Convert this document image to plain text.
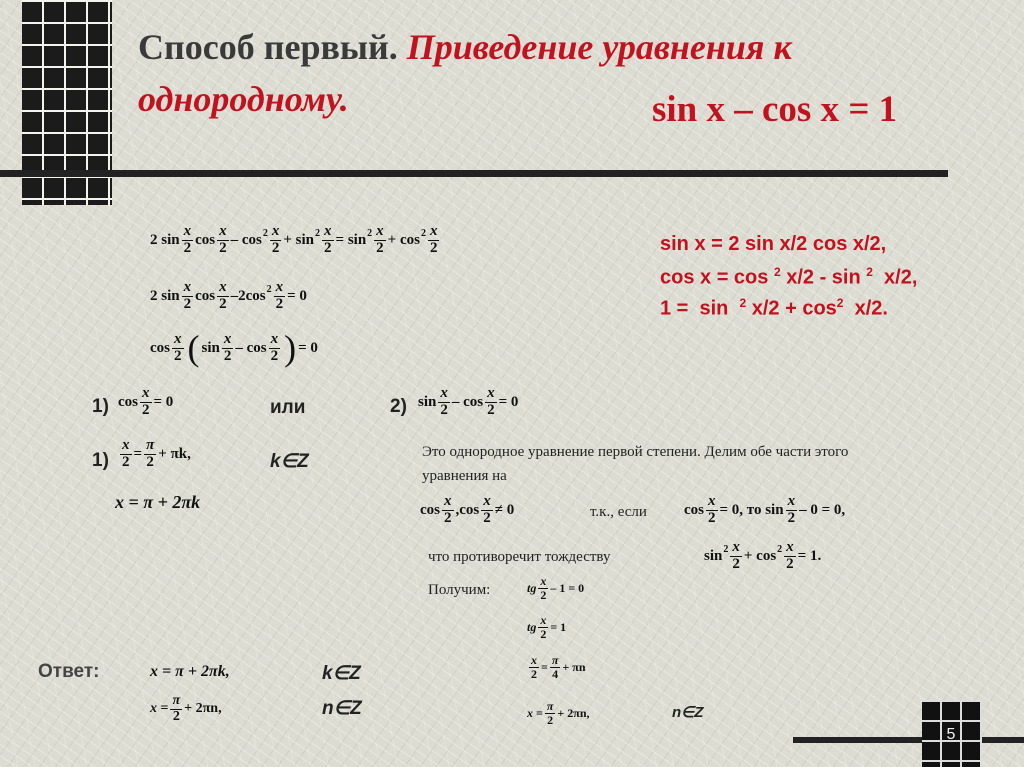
5
Способ первый. Приведение уравнения к
однородному.	sin x – cos x = 1
sin x = 2 sin x/2 cos x/2,
cos x = cos $^2$ x/2 - sin $^2$  x/2,
1 =  sin  $^2$ $x/2 + \cos^2 x/2$.
2 $\sin \frac{x}{2}$ $\cos \frac{x}{2} - \cos 2 \frac{x}{2} + \sin 2 \frac{x}{2} = \sin 2 \frac{x}{2} + \cos 2 \frac{x}{2}$
2 $\sin \frac{x}{2}$ $\cos \frac{x}{2} - 2\cos$ $2 \frac{x}{2} = 0$
$\cos \frac{x}{2}$ ( $\sin \frac{x}{2}$ – $\cos \frac{x}{2}$ ) = 0
1) $\cos \frac{x}{2} = 0$	или	2) $\sin \frac{x}{2} - \cos \frac{x}{2} = 0$
$1) \frac{x}{2} = \frac{\pi}{2} + \pi k$,	k∈Z
x = π + 2πk
Это однородное уравнение первой степени. Делим обе части этого
уравнения на
$\cos \frac{x}{2}$ , $\cos \frac{x}{2} \ne 0$	т.к., если $\cos \frac{x}{2} = 0$, то
$\sin \frac{x}{2} - 0 = 0$ ,
что противоречит тождеству	$\sin 2 \frac{x}{2} + \cos 2 \frac{x}{2} = 1$ .
Получим:	tg $\frac{x}{2} - 1 = 0$
tg $\frac{x}{2} = 1$
$\frac{x}{2} = \frac{\pi}{4} + \pi n$
x
= $\frac{\pi}{2} + 2\pi n$,	n∈Z
Ответ:	x = π + 2πk,	k∈Z
x
= $\frac{\pi}{2} + 2\pi n$,	n∈Z
